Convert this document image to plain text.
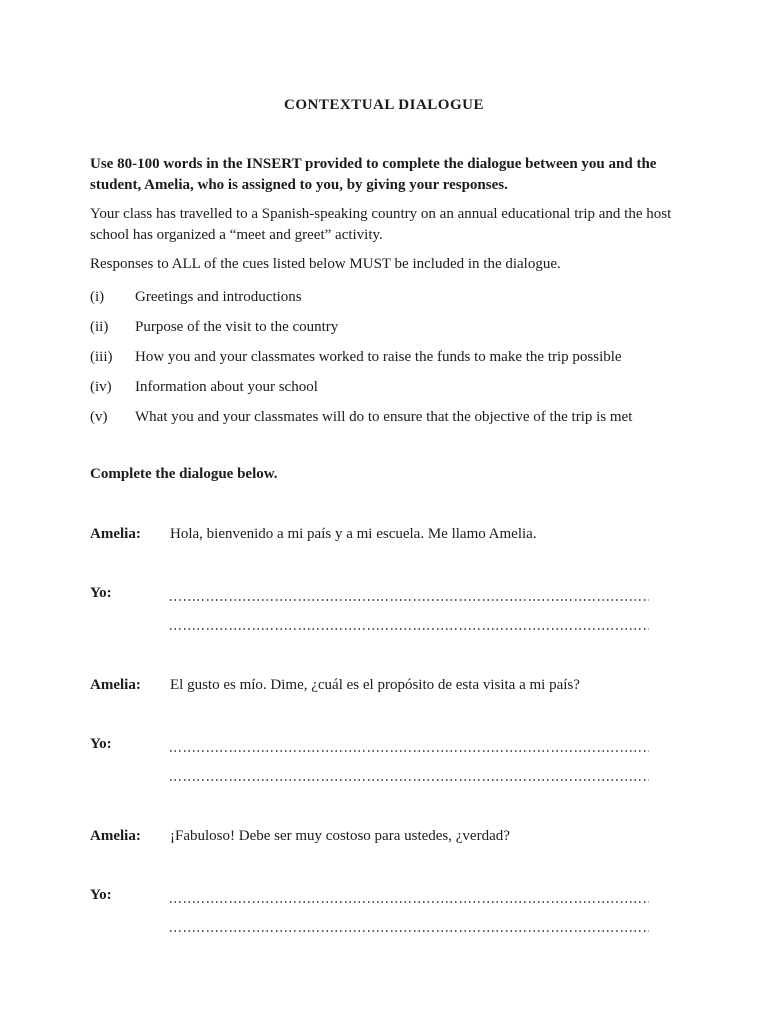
CONTEXTUAL DIALOGUE

Use 80-100 words in the INSERT provided to complete the dialogue between you and the student, Amelia, who is assigned to you, by giving your responses.

Your class has travelled to a Spanish-speaking country on an annual educational trip and the host school has organized a “meet and greet” activity.

Responses to ALL of the cues listed below MUST be included in the dialogue.

(i)	Greetings and introductions
(ii)	Purpose of the visit to the country
(iii)	How you and your classmates worked to raise the funds to make the trip possible
(iv)	Information about your school
(v)	What you and your classmates will do to ensure that the objective of the trip is met

Complete the dialogue below.

Amelia:	Hola, bienvenido a mi país y a mi escuela. Me llamo Amelia.
Yo:
Amelia:	El gusto es mío. Dime, ¿cuál es el propósito de esta visita a mi país?
Yo:
Amelia:	¡Fabuloso! Debe ser muy costoso para ustedes, ¿verdad?
Yo:
